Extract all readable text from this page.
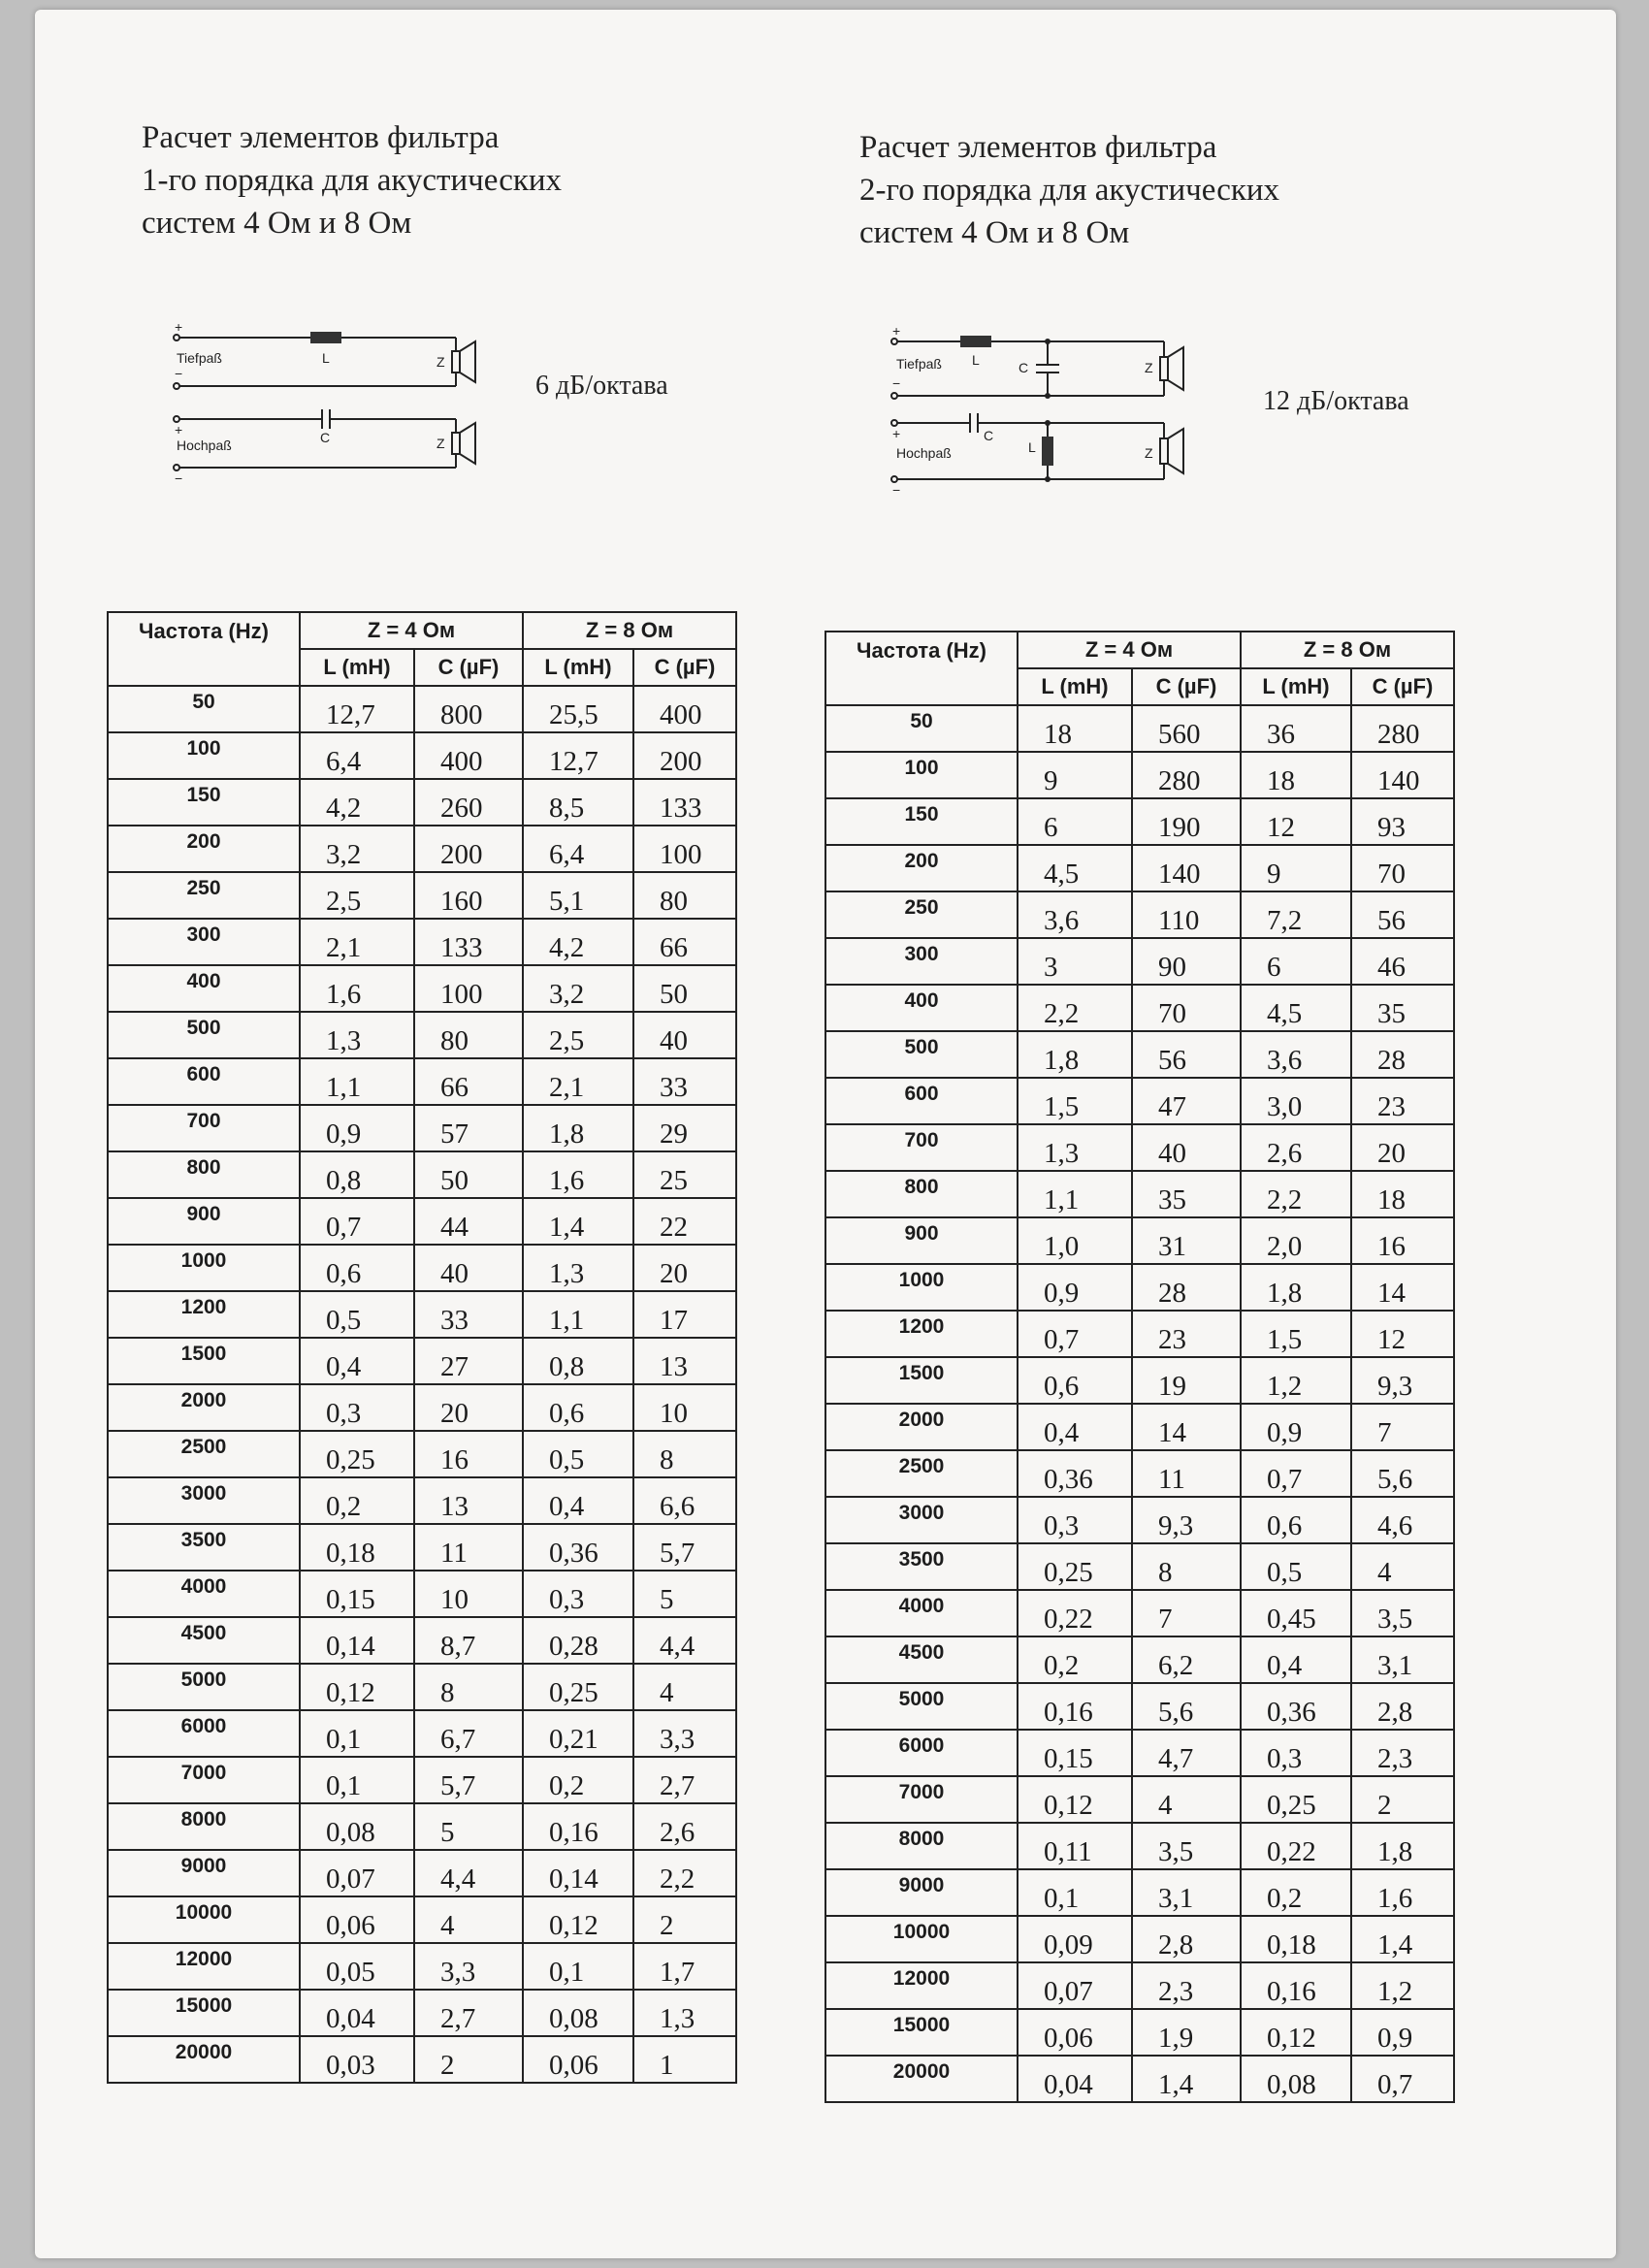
Расчет элементов фильтра
1-го порядка для акустических
систем 4 Ом и 8 Ом
+
−
Tiefpaß	L	Z
+
−
Hochpaß	C	Z
6 дБ/октава
Частота (Hz)	Z = 4 Ом		Z = 8 Ом	
	L (mH)	C (µF)	L (mH)	C (µF)
50	12,7	800	25,5	400
100	6,4	400	12,7	200
150	4,2	260	8,5	133
200	3,2	200	6,4	100
250	2,5	160	5,1	80
300	2,1	133	4,2	66
400	1,6	100	3,2	50
500	1,3	80	2,5	40
600	1,1	66	2,1	33
700	0,9	57	1,8	29
800	0,8	50	1,6	25
900	0,7	44	1,4	22
1000	0,6	40	1,3	20
1200	0,5	33	1,1	17
1500	0,4	27	0,8	13
2000	0,3	20	0,6	10
2500	0,25	16	0,5	8
3000	0,2	13	0,4	6,6
3500	0,18	11	0,36	5,7
4000	0,15	10	0,3	5
4500	0,14	8,7	0,28	4,4
5000	0,12	8	0,25	4
6000	0,1	6,7	0,21	3,3
7000	0,1	5,7	0,2	2,7
8000	0,08	5	0,16	2,6
9000	0,07	4,4	0,14	2,2
10000	0,06	4	0,12	2
12000	0,05	3,3	0,1	1,7
15000	0,04	2,7	0,08	1,3
20000	0,03	2	0,06	1
Расчет элементов фильтра
2-го порядка для акустических
систем 4 Ом и 8 Ом
+
−
Tiefpaß L	C	Z
+
−
Hochpaß
C
L	Z
12 дБ/октава
Частота (Hz)	Z = 4 Ом		Z = 8 Ом	
	L (mH)	C (µF)	L (mH)	C (µF)
50	18	560	36	280
100	9	280	18	140
150	6	190	12	93
200	4,5	140	9	70
250	3,6	110	7,2	56
300	3	90	6	46
400	2,2	70	4,5	35
500	1,8	56	3,6	28
600	1,5	47	3,0	23
700	1,3	40	2,6	20
800	1,1	35	2,2	18
900	1,0	31	2,0	16
1000	0,9	28	1,8	14
1200	0,7	23	1,5	12
1500	0,6	19	1,2	9,3
2000	0,4	14	0,9	7
2500	0,36	11	0,7	5,6
3000	0,3	9,3	0,6	4,6
3500	0,25	8	0,5	4
4000	0,22	7	0,45	3,5
4500	0,2	6,2	0,4	3,1
5000	0,16	5,6	0,36	2,8
6000	0,15	4,7	0,3	2,3
7000	0,12	4	0,25	2
8000	0,11	3,5	0,22	1,8
9000	0,1	3,1	0,2	1,6
10000	0,09	2,8	0,18	1,4
12000	0,07	2,3	0,16	1,2
15000	0,06	1,9	0,12	0,9
20000	0,04	1,4	0,08	0,7
